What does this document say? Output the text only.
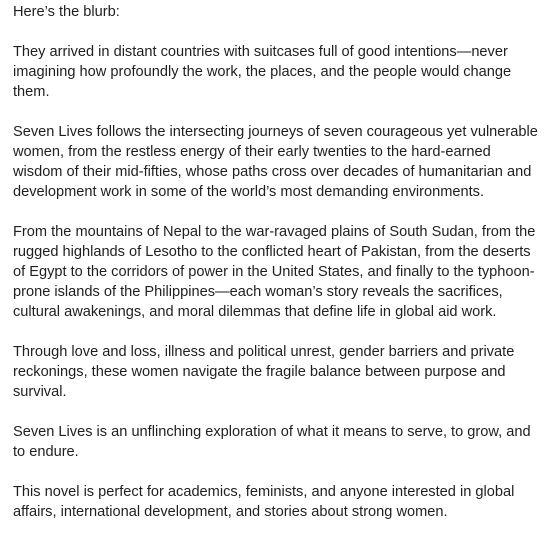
Here’s the blurb:

They arrived in distant countries with suitcases full of good intentions—never imagining how profoundly the work, the places, and the people would change them.

Seven Lives follows the intersecting journeys of seven courageous yet vulnerable women, from the restless energy of their early twenties to the hard-earned wisdom of their mid-fifties, whose paths cross over decades of humanitarian and development work in some of the world’s most demanding environments.

From the mountains of Nepal to the war-ravaged plains of South Sudan, from the rugged highlands of Lesotho to the conflicted heart of Pakistan, from the deserts of Egypt to the corridors of power in the United States, and finally to the typhoon-prone islands of the Philippines—each woman’s story reveals the sacrifices, cultural awakenings, and moral dilemmas that define life in global aid work.

Through love and loss, illness and political unrest, gender barriers and private reckonings, these women navigate the fragile balance between purpose and survival.

Seven Lives is an unflinching exploration of what it means to serve, to grow, and to endure.

This novel is perfect for academics, feminists, and anyone interested in global affairs, international development, and stories about strong women.
